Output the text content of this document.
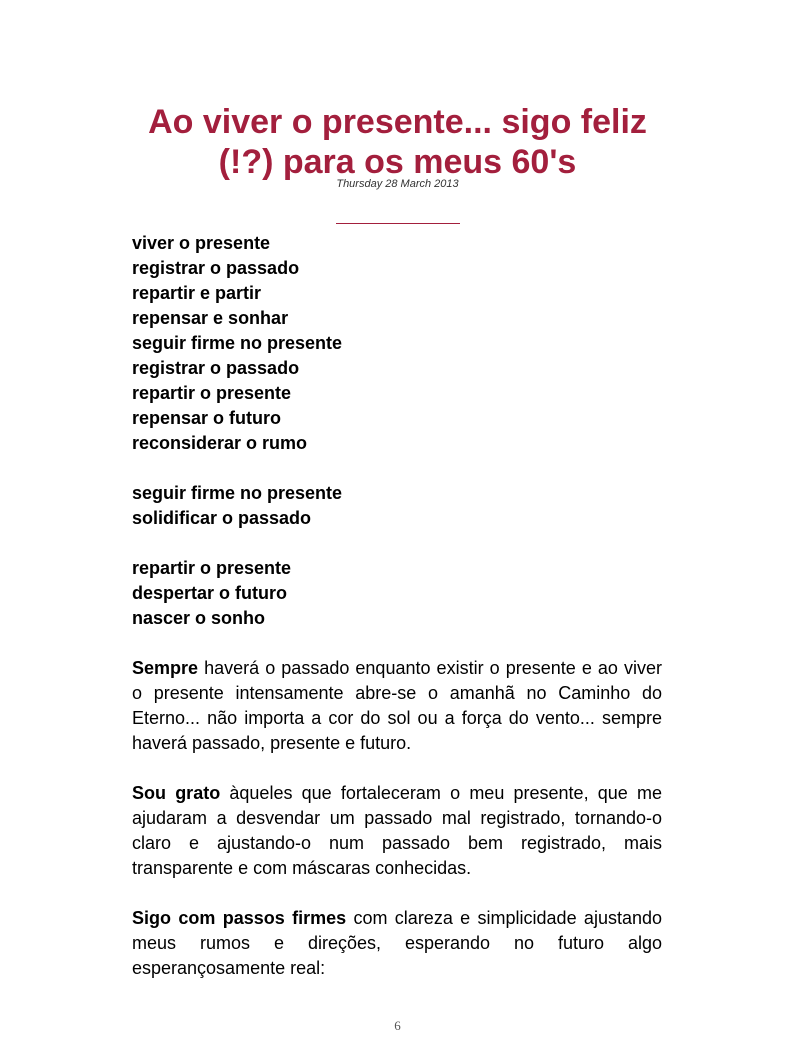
Ao viver o presente... sigo feliz
(!?) para os meus 60's
Thursday 28 March 2013

viver o presente

registrar o passado

repartir e partir

repensar e sonhar

seguir firme no presente

registrar o passado

repartir o presente

repensar o futuro

reconsiderar o rumo

seguir firme no presente

solidificar o passado

repartir o presente

despertar o futuro

nascer o sonho

Sempre haverá o passado enquanto existir o presente e ao viver o presente intensamente abre-se o amanhã no Caminho do Eterno... não importa a cor do sol ou a força do vento... sempre haverá passado, presente e futuro.

Sou grato àqueles que fortaleceram o meu presente, que me ajudaram a desvendar um passado mal registrado, tornando-o claro e ajustando-o num passado bem registrado, mais transparente e com máscaras conhecidas.

Sigo com passos firmes com clareza e simplicidade ajustando meus rumos e direções, esperando no futuro algo esperançosamente real:

6
